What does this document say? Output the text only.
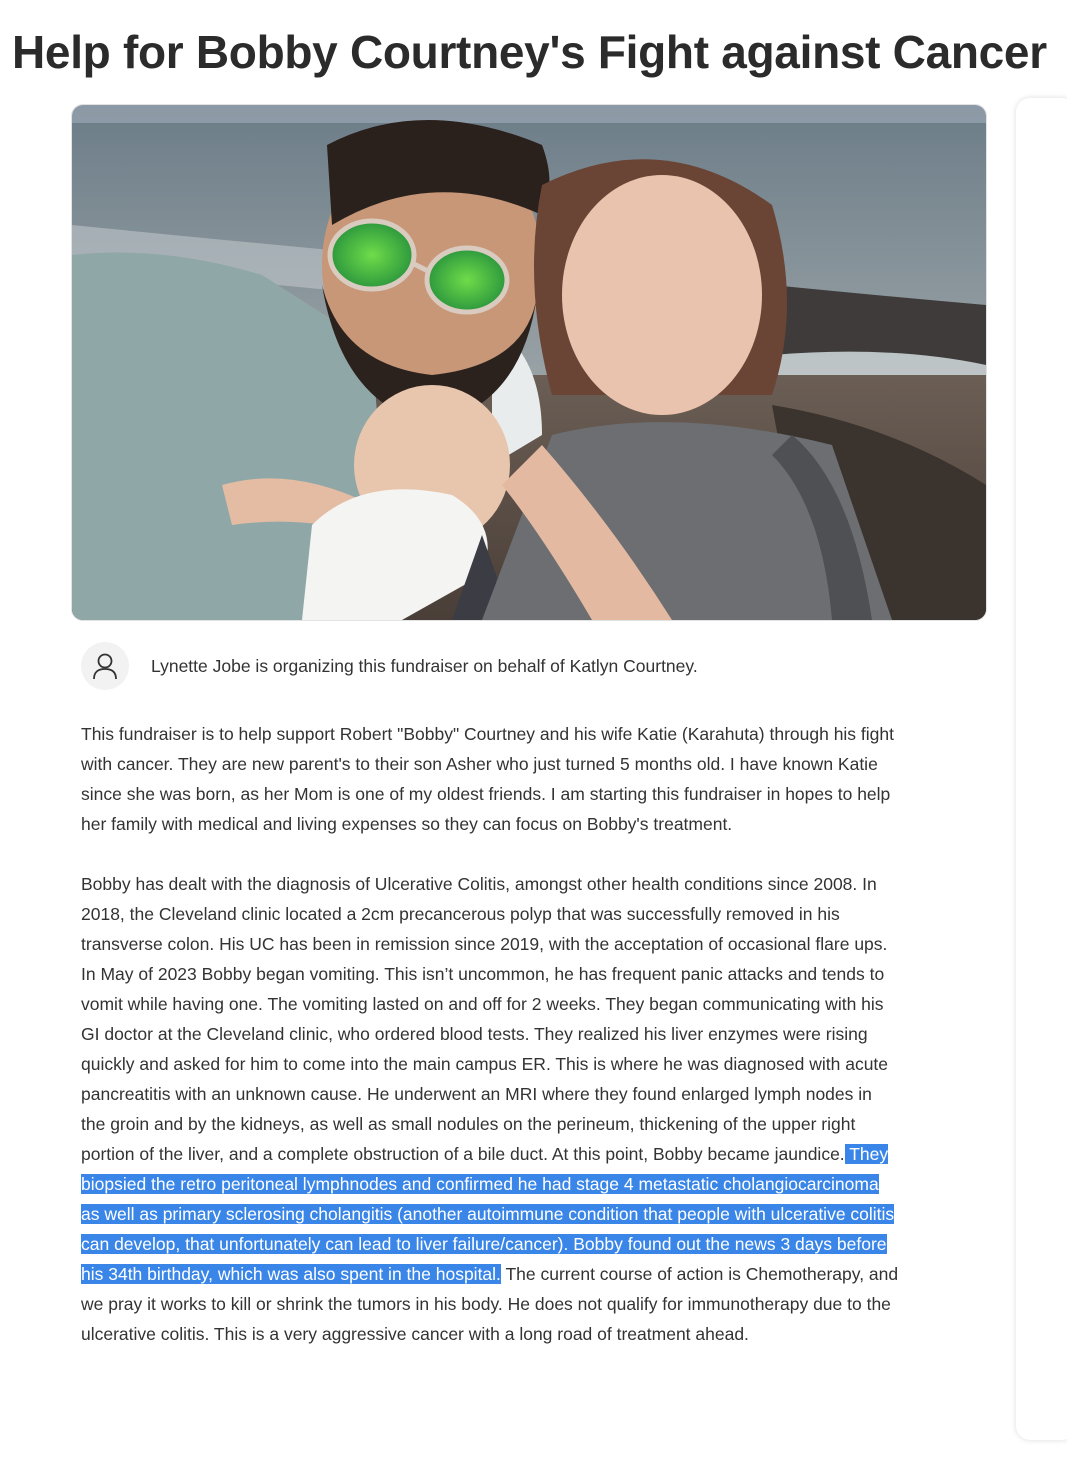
Help for Bobby Courtney's Fight against Cancer
Lynette Jobe is organizing this fundraiser on behalf of Katlyn Courtney.

This fundraiser is to help support Robert "Bobby" Courtney and his wife Katie (Karahuta) through his fight with cancer. They are new parent's to their son Asher who just turned 5 months old. I have known Katie since she was born, as her Mom is one of my oldest friends. I am starting this fundraiser in hopes to help her family with medical and living expenses so they can focus on Bobby's treatment.

Bobby has dealt with the diagnosis of Ulcerative Colitis, amongst other health conditions since 2008. In 2018, the Cleveland clinic located a 2cm precancerous polyp that was successfully removed in his transverse colon. His UC has been in remission since 2019, with the acceptation of occasional flare ups. In May of 2023 Bobby began vomiting. This isn’t uncommon, he has frequent panic attacks and tends to vomit while having one. The vomiting lasted on and off for 2 weeks. They began communicating with his GI doctor at the Cleveland clinic, who ordered blood tests. They realized his liver enzymes were rising quickly and asked for him to come into the main campus ER. This is where he was diagnosed with acute pancreatitis with an unknown cause. He underwent an MRI where they found enlarged lymph nodes in the groin and by the kidneys, as well as small nodules on the perineum, thickening of the upper right portion of the liver, and a complete obstruction of a bile duct. At this point, Bobby became jaundice. They biopsied the retro peritoneal lymphnodes and confirmed he had stage 4 metastatic cholangiocarcinoma as well as primary sclerosing cholangitis (another autoimmune condition that people with ulcerative colitis can develop, that unfortunately can lead to liver failure/cancer). Bobby found out the news 3 days before his 34th birthday, which was also spent in the hospital. The current course of action is Chemotherapy, and we pray it works to kill or shrink the tumors in his body. He does not qualify for immunotherapy due to the ulcerative colitis. This is a very aggressive cancer with a long road of treatment ahead.
